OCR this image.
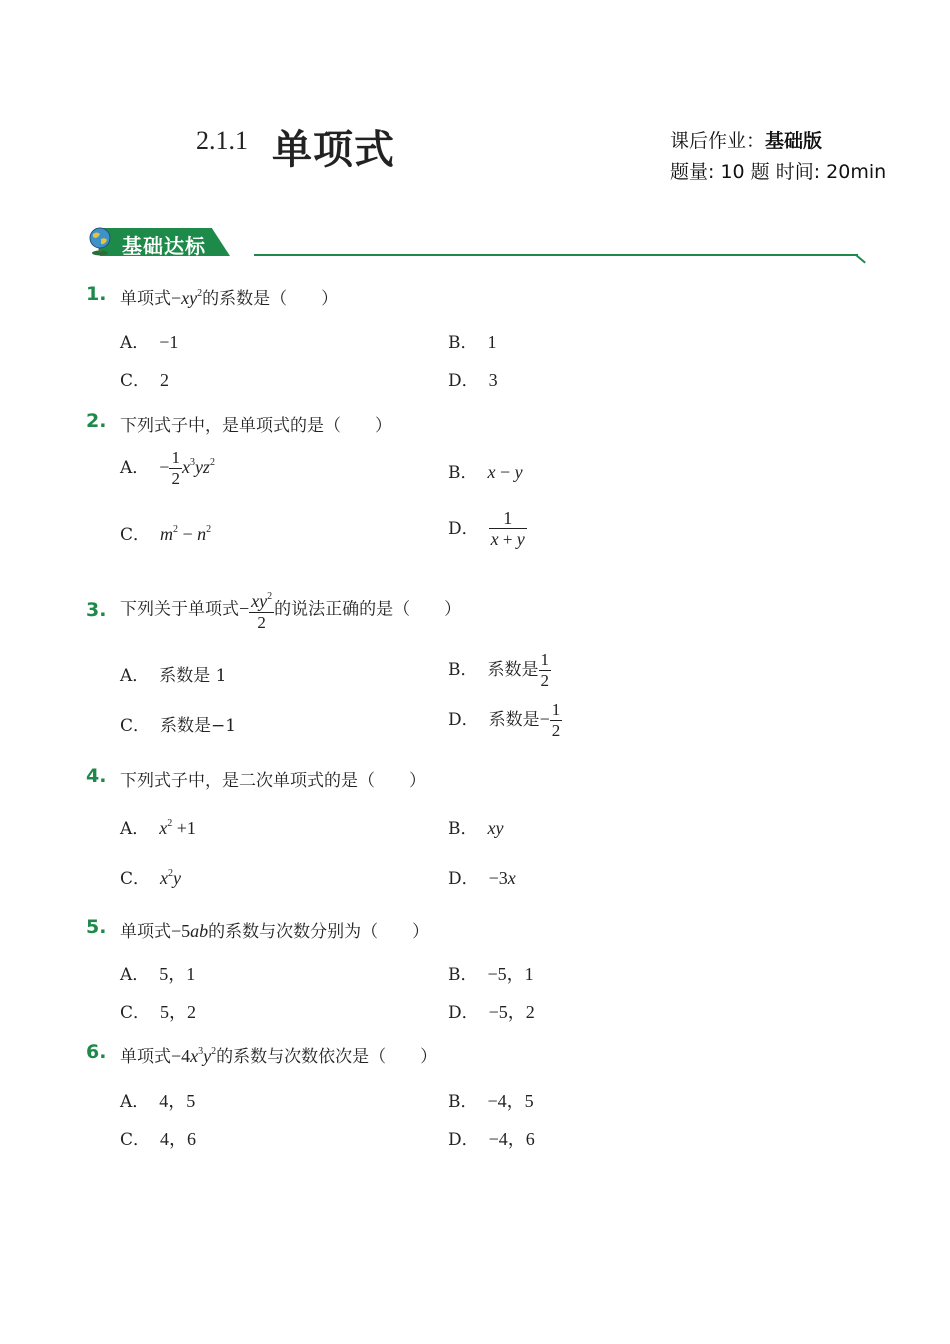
2.1.1 单项式	课后作业：基础版
题量: 10 题 时间: 20min
基础达标
1. 单项式$-xy^2$的系数是（　　）
A． −1	B． 1
C． 2	D． 3
2. 下列式子中，是单项式的是（　　）
A． − $\frac{1}{2} x^3yz^2$
B． x − y
C． $m^2 - n^2$	D． $\frac{1}{x + y}$
3. 下列关于单项式− $\frac{xy^2}{2}$ 的说法正确的是（　　）
A． 系数是 1	B． 系数是 $\frac{1}{2}$
C． 系数是−1	D． 系数是− $\frac{1}{2}$
4. 下列式子中，是二次单项式的是（　　）
A． $x^2 +1$	B． xy
C． $x^2y$	D． −3x
5. 单项式−5ab的系数与次数分别为（　　）
A． 5，1	B． −5，1
C． 5，2	D． −5，2
6. 单项式$-4x^3y^2$的系数与次数依次是（　　）
A． 4，5	B． −4，5
C． 4，6	D． −4，6
